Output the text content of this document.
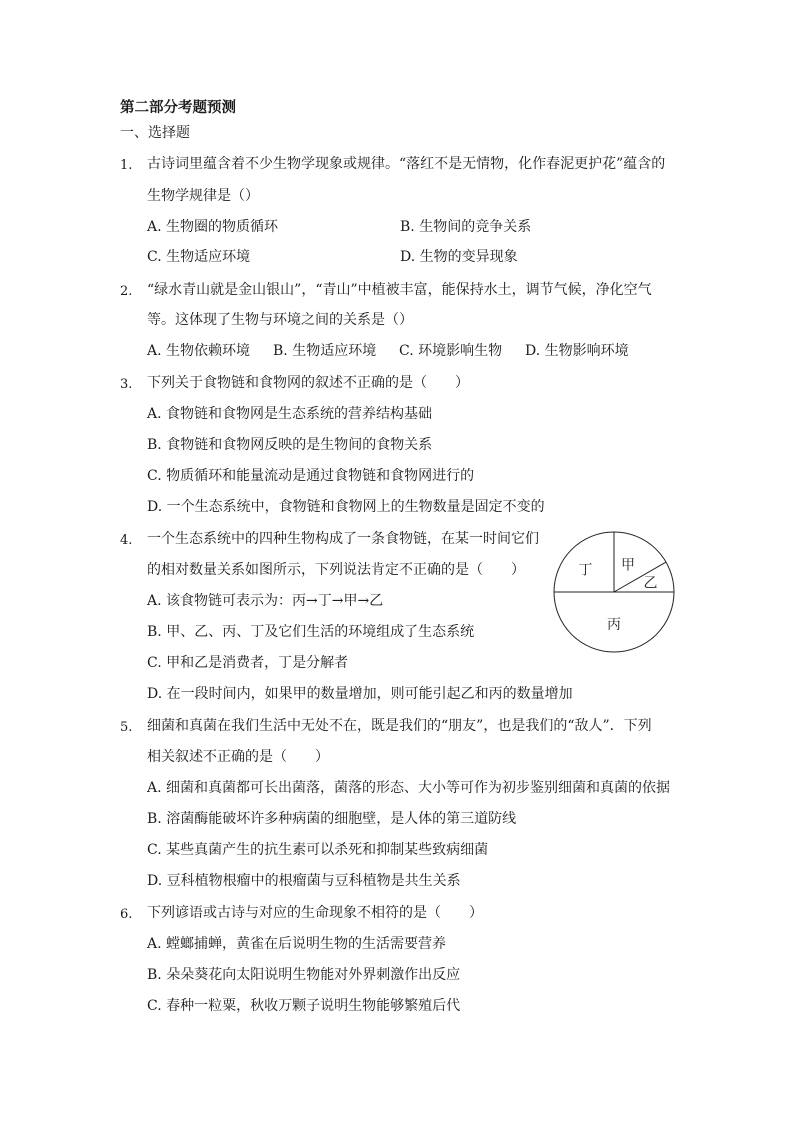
第二部分考题预测
一、选择题
1. 古诗词里蕴含着不少生物学现象或规律。“落红不是无情物，化作春泥更护花”蕴含的
生物学规律是（）
A. 生物圈的物质循环	B. 生物间的竞争关系
C. 生物适应环境	D. 生物的变异现象
2. “绿水青山就是金山银山”，“青山”中植被丰富，能保持水土，调节气候，净化空气
等。这体现了生物与环境之间的关系是（）
A. 生物依赖环境 B. 生物适应环境 C. 环境影响生物 D. 生物影响环境
3. 下列关于食物链和食物网的叙述不正确的是（　　）
A. 食物链和食物网是生态系统的营养结构基础
B. 食物链和食物网反映的是生物间的食物关系
C. 物质循环和能量流动是通过食物链和食物网进行的
D. 一个生态系统中，食物链和食物网上的生物数量是固定不变的
4. 一个生态系统中的四种生物构成了一条食物链，在某一时间它们
的相对数量关系如图所示，下列说法肯定不正确的是（　　）
A. 该食物链可表示为：丙→丁→甲→乙
B. 甲、乙、丙、丁及它们生活的环境组成了生态系统
C. 甲和乙是消费者，丁是分解者
D. 在一段时间内，如果甲的数量增加，则可能引起乙和丙的数量增加
丁 甲
乙
丙
5. 细菌和真菌在我们生活中无处不在，既是我们的“朋友”，也是我们的“敌人”．下列
相关叙述不正确的是（　　）
A. 细菌和真菌都可长出菌落，菌落的形态、大小等可作为初步鉴别细菌和真菌的依据
B. 溶菌酶能破坏许多种病菌的细胞壁，是人体的第三道防线
C. 某些真菌产生的抗生素可以杀死和抑制某些致病细菌
D. 豆科植物根瘤中的根瘤菌与豆科植物是共生关系
6. 下列谚语或古诗与对应的生命现象不相符的是（　　）
A. 螳螂捕蝉，黄雀在后说明生物的生活需要营养
B. 朵朵葵花向太阳说明生物能对外界刺激作出反应
C. 春种一粒粟，秋收万颗子说明生物能够繁殖后代
